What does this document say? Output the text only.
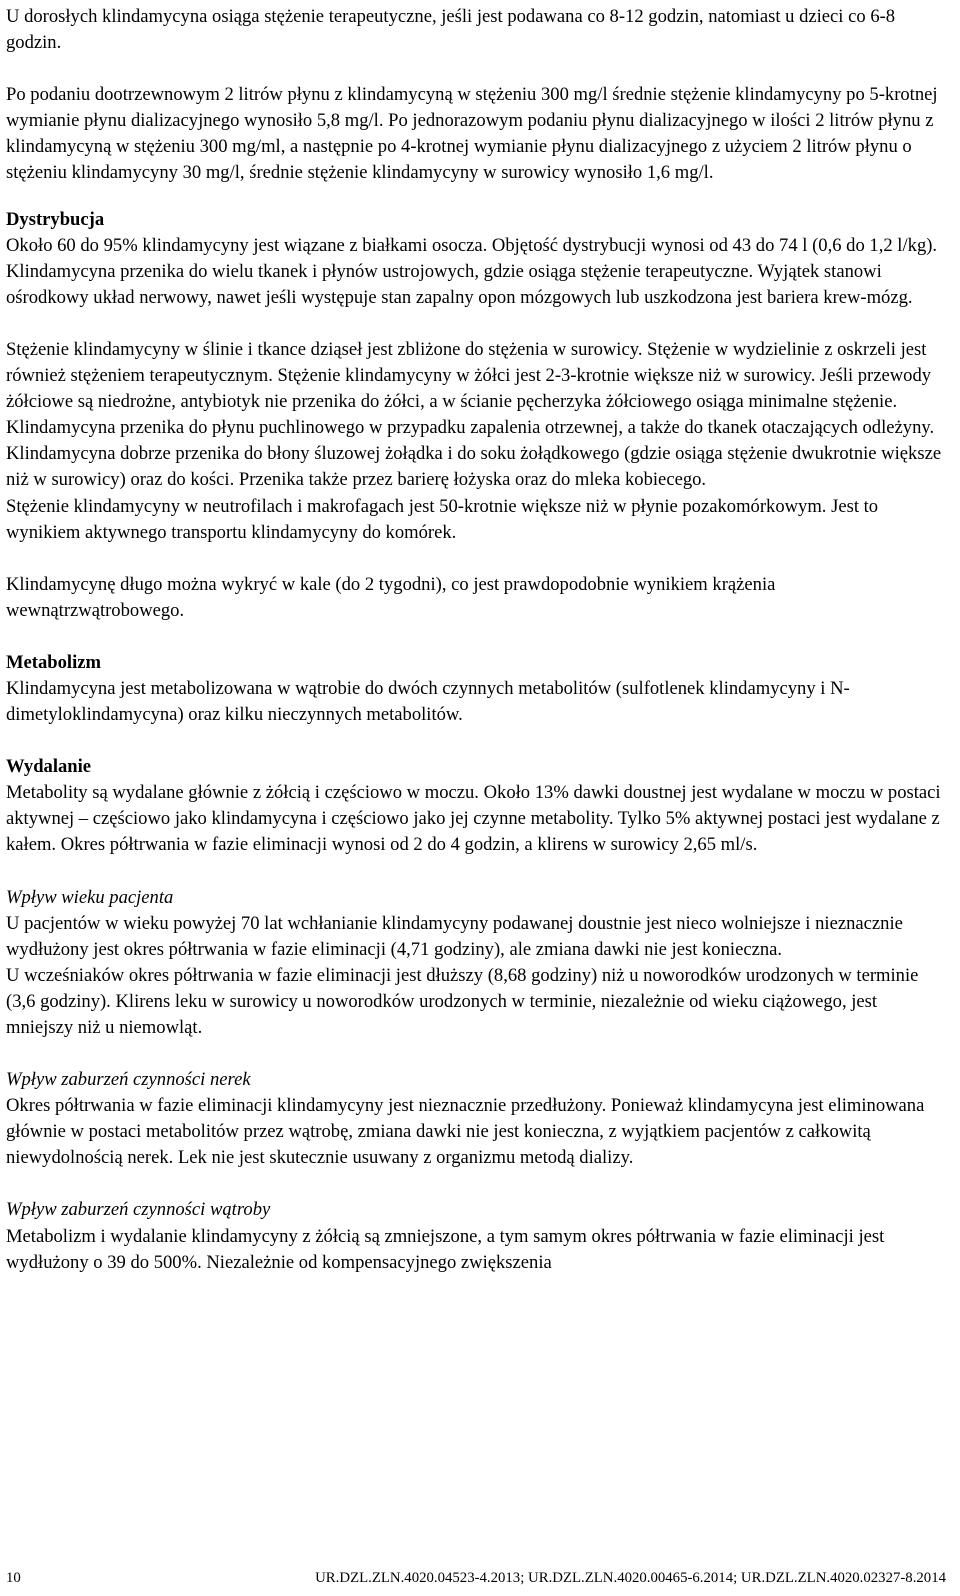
U dorosłych klindamycyna osiąga stężenie terapeutyczne, jeśli jest podawana co 8-12 godzin, natomiast u dzieci co 6-8 godzin.

Po podaniu dootrzewnowym 2 litrów płynu z klindamycyną w stężeniu 300 mg/l średnie stężenie klindamycyny po 5-krotnej wymianie płynu dializacyjnego wynosiło 5,8 mg/l. Po jednorazowym podaniu płynu dializacyjnego w ilości 2 litrów płynu z klindamycyną w stężeniu 300 mg/ml, a następnie po 4-krotnej wymianie płynu dializacyjnego z użyciem 2 litrów płynu o stężeniu klindamycyny 30 mg/l, średnie stężenie klindamycyny w surowicy wynosiło 1,6 mg/l.

Dystrybucja

Około 60 do 95% klindamycyny jest wiązane z białkami osocza. Objętość dystrybucji wynosi od 43 do 74 l (0,6 do 1,2 l/kg).

Klindamycyna przenika do wielu tkanek i płynów ustrojowych, gdzie osiąga stężenie terapeutyczne. Wyjątek stanowi ośrodkowy układ nerwowy, nawet jeśli występuje stan zapalny opon mózgowych lub uszkodzona jest bariera krew-mózg.

Stężenie klindamycyny w ślinie i tkance dziąseł jest zbliżone do stężenia w surowicy. Stężenie w wydzielinie z oskrzeli jest również stężeniem terapeutycznym. Stężenie klindamycyny w żółci jest 2-3-krotnie większe niż w surowicy. Jeśli przewody żółciowe są niedrożne, antybiotyk nie przenika do żółci, a w ścianie pęcherzyka żółciowego osiąga minimalne stężenie. Klindamycyna przenika do płynu puchlinowego w przypadku zapalenia otrzewnej, a także do tkanek otaczających odleżyny.

Klindamycyna dobrze przenika do błony śluzowej żołądka i do soku żołądkowego (gdzie osiąga stężenie dwukrotnie większe niż w surowicy) oraz do kości. Przenika także przez barierę łożyska oraz do mleka kobiecego.

Stężenie klindamycyny w neutrofilach i makrofagach jest 50-krotnie większe niż w płynie pozakomórkowym. Jest to wynikiem aktywnego transportu klindamycyny do komórek.

Klindamycynę długo można wykryć w kale (do 2 tygodni), co jest prawdopodobnie wynikiem krążenia wewnątrzwątrobowego.

Metabolizm

Klindamycyna jest metabolizowana w wątrobie do dwóch czynnych metabolitów (sulfotlenek klindamycyny i N-dimetyloklindamycyna) oraz kilku nieczynnych metabolitów.

Wydalanie

Metabolity są wydalane głównie z żółcią i częściowo w moczu. Około 13% dawki doustnej jest wydalane w moczu w postaci aktywnej – częściowo jako klindamycyna i częściowo jako jej czynne metabolity. Tylko 5% aktywnej postaci jest wydalane z kałem. Okres półtrwania w fazie eliminacji wynosi od 2 do 4 godzin, a klirens w surowicy 2,65 ml/s.

Wpływ wieku pacjenta

U pacjentów w wieku powyżej 70 lat wchłanianie klindamycyny podawanej doustnie jest nieco wolniejsze i nieznacznie wydłużony jest okres półtrwania w fazie eliminacji (4,71 godziny), ale zmiana dawki nie jest konieczna.

U wcześniaków okres półtrwania w fazie eliminacji jest dłuższy (8,68 godziny) niż u noworodków urodzonych w terminie (3,6 godziny). Klirens leku w surowicy u noworodków urodzonych w terminie, niezależnie od wieku ciążowego, jest mniejszy niż u niemowląt.

Wpływ zaburzeń czynności nerek

Okres półtrwania w fazie eliminacji klindamycyny jest nieznacznie przedłużony. Ponieważ klindamycyna jest eliminowana głównie w postaci metabolitów przez wątrobę, zmiana dawki nie jest konieczna, z wyjątkiem pacjentów z całkowitą niewydolnością nerek. Lek nie jest skutecznie usuwany z organizmu metodą dializy.

Wpływ zaburzeń czynności wątroby

Metabolizm i wydalanie klindamycyny z żółcią są zmniejszone, a tym samym okres półtrwania w fazie eliminacji jest wydłużony o 39 do 500%. Niezależnie od kompensacyjnego zwiększenia

10	UR.DZL.ZLN.4020.04523-4.2013; UR.DZL.ZLN.4020.00465-6.2014; UR.DZL.ZLN.4020.02327-8.2014
